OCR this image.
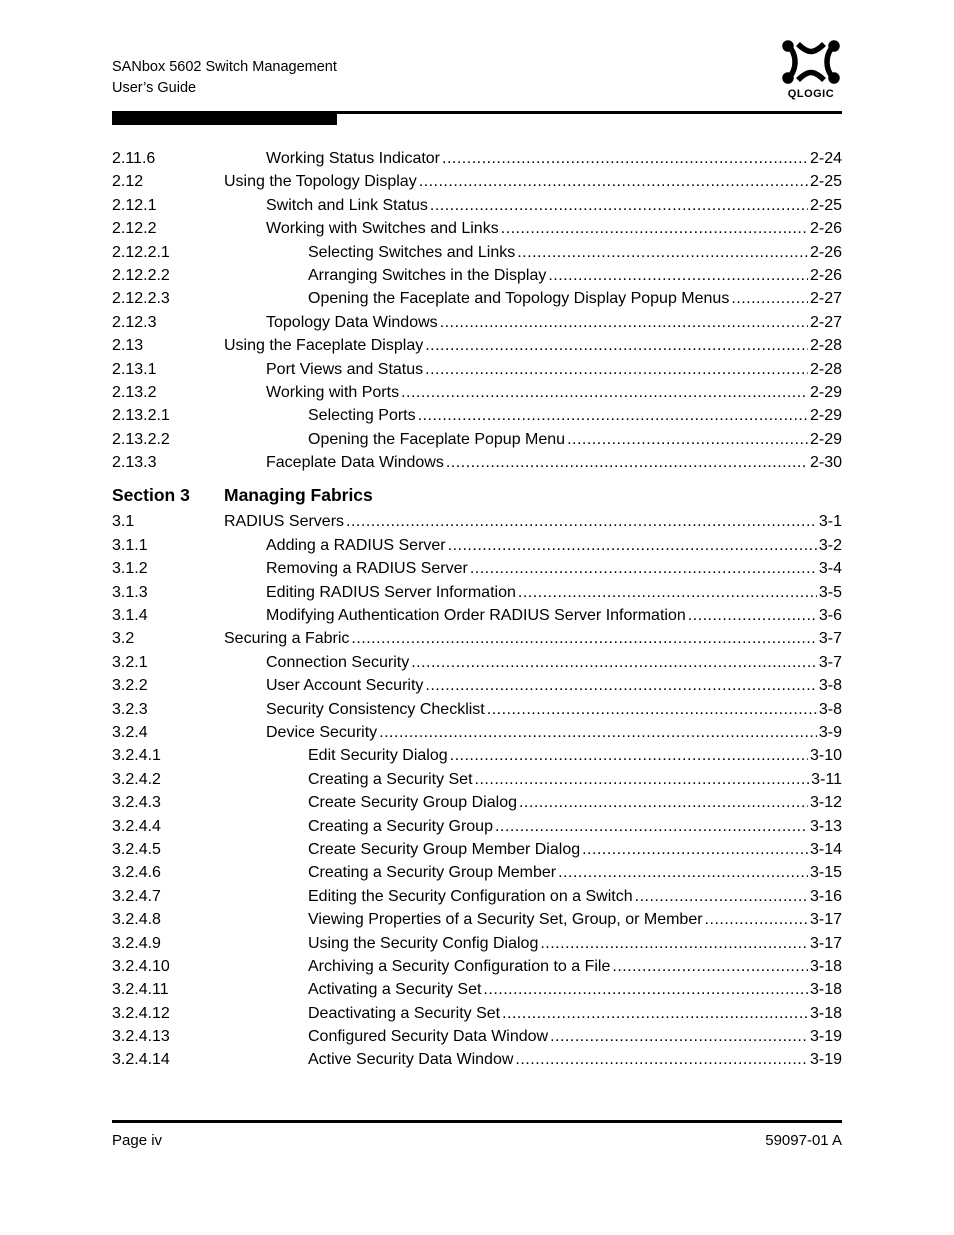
SANbox 5602 Switch Management
User’s Guide	QLOGIC
2.11.6	Working Status Indicator .....	2-24
2.12	Using the Topology Display .....	2-25
2.12.1	Switch and Link Status .....	2-25
2.12.2	Working with Switches and Links .....	2-26
2.12.2.1	Selecting Switches and Links .....	2-26
2.12.2.2	Arranging Switches in the Display .....	2-26
2.12.2.3	Opening the Faceplate and Topology Display Popup Menus .....	2-27
2.12.3	Topology Data Windows .....	2-27
2.13	Using the Faceplate Display .....	2-28
2.13.1	Port Views and Status .....	2-28
2.13.2	Working with Ports .....	2-29
2.13.2.1	Selecting Ports .....	2-29
2.13.2.2	Opening the Faceplate Popup Menu .....	2-29
2.13.3	Faceplate Data Windows .....	2-30
Section 3 Managing Fabrics
3.1	RADIUS Servers .....	3-1
3.1.1	Adding a RADIUS Server .....	3-2
3.1.2	Removing a RADIUS Server .....	3-4
3.1.3	Editing RADIUS Server Information .....	3-5
3.1.4	Modifying Authentication Order RADIUS Server Information .....	3-6
3.2	Securing a Fabric .....	3-7
3.2.1	Connection Security .....	3-7
3.2.2	User Account Security .....	3-8
3.2.3	Security Consistency Checklist .....	3-8
3.2.4	Device Security .....	3-9
3.2.4.1	Edit Security Dialog .....	3-10
3.2.4.2	Creating a Security Set .....	3-11
3.2.4.3	Create Security Group Dialog .....	3-12
3.2.4.4	Creating a Security Group .....	3-13
3.2.4.5	Create Security Group Member Dialog .....	3-14
3.2.4.6	Creating a Security Group Member .....	3-15
3.2.4.7	Editing the Security Configuration on a Switch .....	3-16
3.2.4.8	Viewing Properties of a Security Set, Group, or Member .....	3-17
3.2.4.9	Using the Security Config Dialog .....	3-17
3.2.4.10	Archiving a Security Configuration to a File .....	3-18
3.2.4.11	Activating a Security Set .....	3-18
3.2.4.12	Deactivating a Security Set .....	3-18
3.2.4.13	Configured Security Data Window .....	3-19
3.2.4.14	Active Security Data Window .....	3-19
Page iv	59097-01 A
